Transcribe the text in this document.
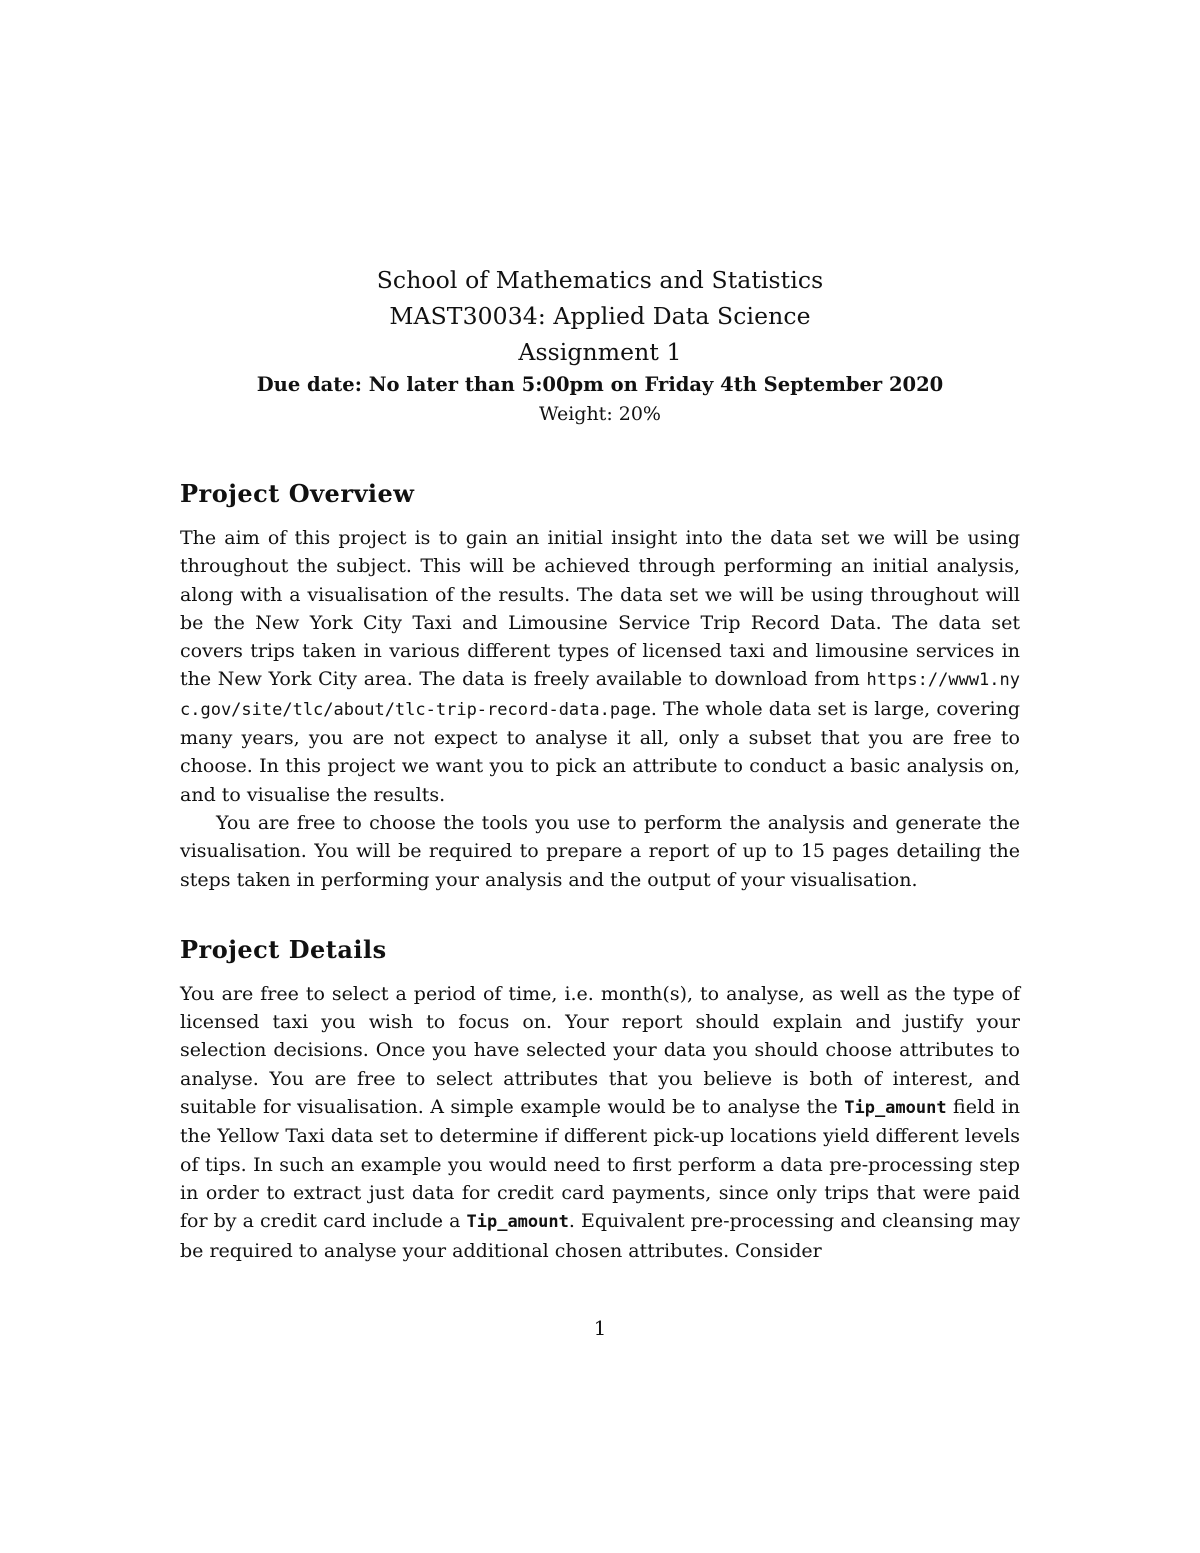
School of Mathematics and Statistics
MAST30034: Applied Data Science
Assignment 1
Due date: No later than 5:00pm on Friday 4th September 2020
Weight: 20%
Project Overview

The aim of this project is to gain an initial insight into the data set we will be using throughout the subject. This will be achieved through performing an initial analysis, along with a visualisation of the results. The data set we will be using throughout will be the New York City Taxi and Limousine Service Trip Record Data. The data set covers trips taken in various different types of licensed taxi and limousine services in the New York City area. The data is freely available to download from https://www1.nyc.gov/site/tlc/about/tlc-trip-record-data.page. The whole data set is large, covering many years, you are not expect to analyse it all, only a subset that you are free to choose. In this project we want you to pick an attribute to conduct a basic analysis on, and to visualise the results.

You are free to choose the tools you use to perform the analysis and generate the visualisation. You will be required to prepare a report of up to 15 pages detailing the steps taken in performing your analysis and the output of your visualisation.

Project Details

You are free to select a period of time, i.e. month(s), to analyse, as well as the type of licensed taxi you wish to focus on. Your report should explain and justify your selection decisions. Once you have selected your data you should choose attributes to analyse. You are free to select attributes that you believe is both of interest, and suitable for visualisation. A simple example would be to analyse the Tip_amount field in the Yellow Taxi data set to determine if different pick-up locations yield different levels of tips. In such an example you would need to first perform a data pre-processing step in order to extract just data for credit card payments, since only trips that were paid for by a credit card include a Tip_amount. Equivalent pre-processing and cleansing may be required to analyse your additional chosen attributes. Consider

1
